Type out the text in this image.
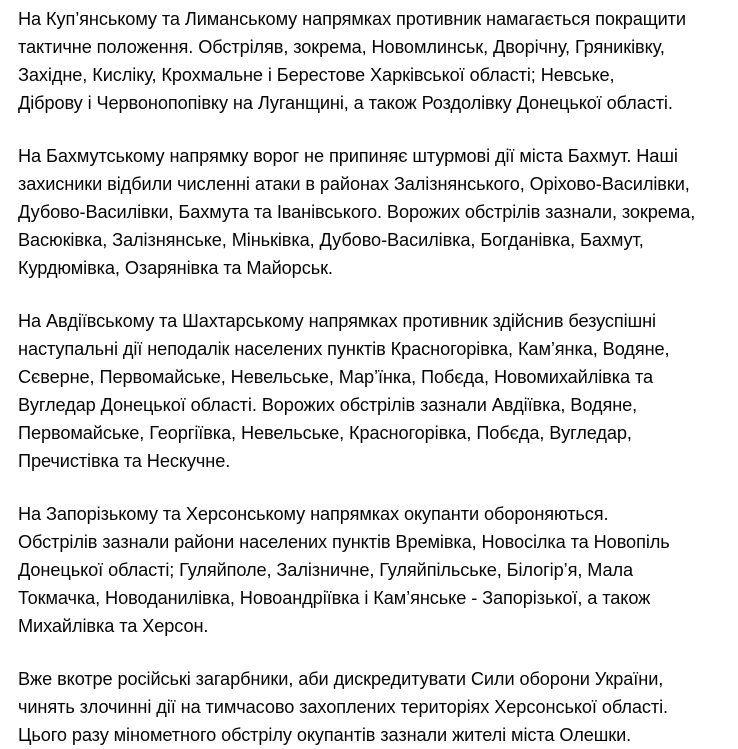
На Куп’янському та Лиманському напрямках противник намагається покращити
тактичне положення. Обстріляв, зокрема, Новомлинськ, Дворічну, Гряниківку,
Західне, Кисліку, Крохмальне і Берестове Харківської області; Невське,
Діброву і Червонопопівку на Луганщині, а також Роздолівку Донецької області.
На Бахмутському напрямку ворог не припиняє штурмові дії міста Бахмут. Наші
захисники відбили численні атаки в районах Залізнянського, Оріхово-Василівки,
Дубово-Василівки, Бахмута та Іванівського. Ворожих обстрілів зазнали, зокрема,
Васюківка, Залізнянське, Міньківка, Дубово-Василівка, Богданівка, Бахмут,
Курдюмівка, Озарянівка та Майорськ.
На Авдіївському та Шахтарському напрямках противник здійснив безуспішні
наступальні дії неподалік населених пунктів Красногорівка, Кам’янка, Водяне,
Сєверне, Первомайське, Невельське, Мар’їнка, Побєда, Новомихайлівка та
Вугледар Донецької області. Ворожих обстрілів зазнали Авдіївка, Водяне,
Первомайське, Георгіївка, Невельське, Красногорівка, Побєда, Вугледар,
Пречистівка та Нескучне.
На Запорізькому та Херсонському напрямках окупанти обороняються.
Обстрілів зазнали райони населених пунктів Времівка, Новосілка та Новопіль
Донецької області; Гуляйполе, Залізничне, Гуляйпільське, Білогір’я, Мала
Токмачка, Новоданилівка, Новоандріївка і Кам’янське - Запорізької, а також
Михайлівка та Херсон.
Вже вкотре російські загарбники, аби дискредитувати Сили оборони України,
чинять злочинні дії на тимчасово захоплених територіях Херсонської області.
Цього разу мінометного обстрілу окупантів зазнали жителі міста Олешки.
